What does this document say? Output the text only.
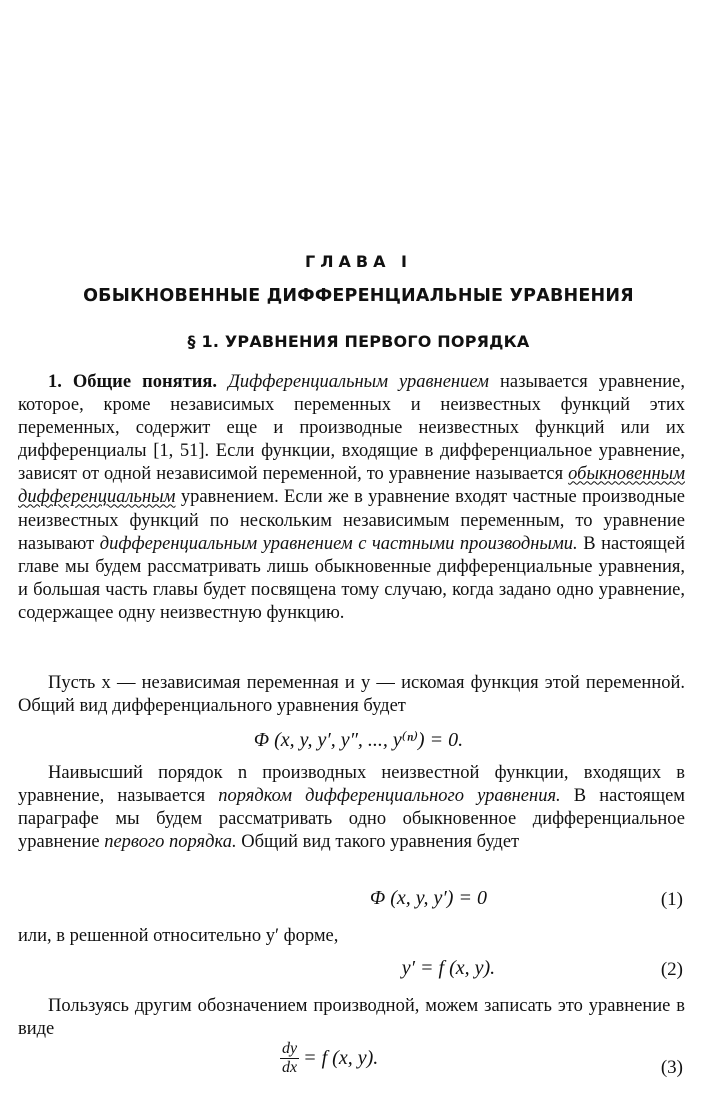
ГЛАВА I
ОБЫКНОВЕННЫЕ ДИФФЕРЕНЦИАЛЬНЫЕ УРАВНЕНИЯ
§ 1. УРАВНЕНИЯ ПЕРВОГО ПОРЯДКА
1. Общие понятия. Дифференциальным уравнением называется уравнение, которое, кроме независимых переменных и неизвестных функций этих переменных, содержит еще и производные неизвестных функций или их дифференциалы [1, 51]. Если функции, входящие в дифференциальное уравнение, зависят от одной независимой переменной, то уравнение называется обыкновенным дифференциальным уравнением. Если же в уравнение входят частные производные неизвестных функций по нескольким независимым переменным, то уравнение называют дифференциальным уравнением с частными производными. В настоящей главе мы будем рассматривать лишь обыкновенные дифференциальные уравнения, и большая часть главы будет посвящена тому случаю, когда задано одно уравнение, содержащее одну неизвестную функцию.
Пусть x — независимая переменная и y — искомая функция этой переменной. Общий вид дифференциального уравнения будет
Φ (x, y, y′, y″, ..., y⁽ⁿ⁾) = 0.
Наивысший порядок n производных неизвестной функции, входящих в уравнение, называется порядком дифференциального уравнения. В настоящем параграфе мы будем рассматривать одно обыкновенное дифференциальное уравнение первого порядка. Общий вид такого уравнения будет
Φ (x, y, y′) = 0	(1)
или, в решенной относительно y′ форме,
y′ = f (x, y).	(2)
Пользуясь другим обозначением производной, можем записать это уравнение в виде
$\frac{dy}{dx} = f$ (x, y).	(3)
